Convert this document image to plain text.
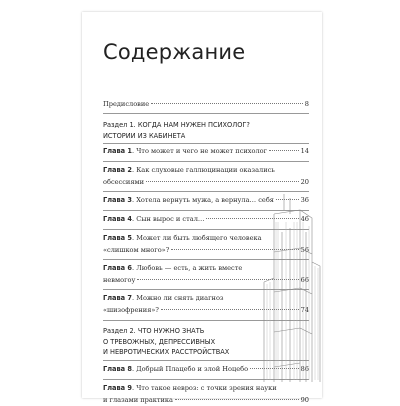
Содержание
Предисловие	8
Раздел 1. КОГДА НАМ НУЖЕН ПСИХОЛОГ?
ИСТОРИИ ИЗ КАБИНЕТА
Глава 1. Что может и чего не может психолог	14
Глава 2. Как слуховые галлюцинации оказались
обсессиями	20
Глава 3. Хотела вернуть мужа, а вернула… себя	36
Глава 4. Сын вырос и стал…	46
Глава 5. Может ли быть любящего человека
«слишком много»?	56
Глава 6. Любовь — есть, а жить вместе
невмогоу	66
Глава 7. Можно ли снять диагноз
«шизофрения»?	74
Раздел 2. ЧТО НУЖНО ЗНАТЬ
О ТРЕВОЖНЫХ, ДЕПРЕССИВНЫХ
И НЕВРОТИЧЕСКИХ РАССТРОЙСТВАХ
Глава 8. Добрый Плацебо и злой Ноцебо	86
Глава 9. Что такое невроз: с точки зрения науки
и глазами практика	90
